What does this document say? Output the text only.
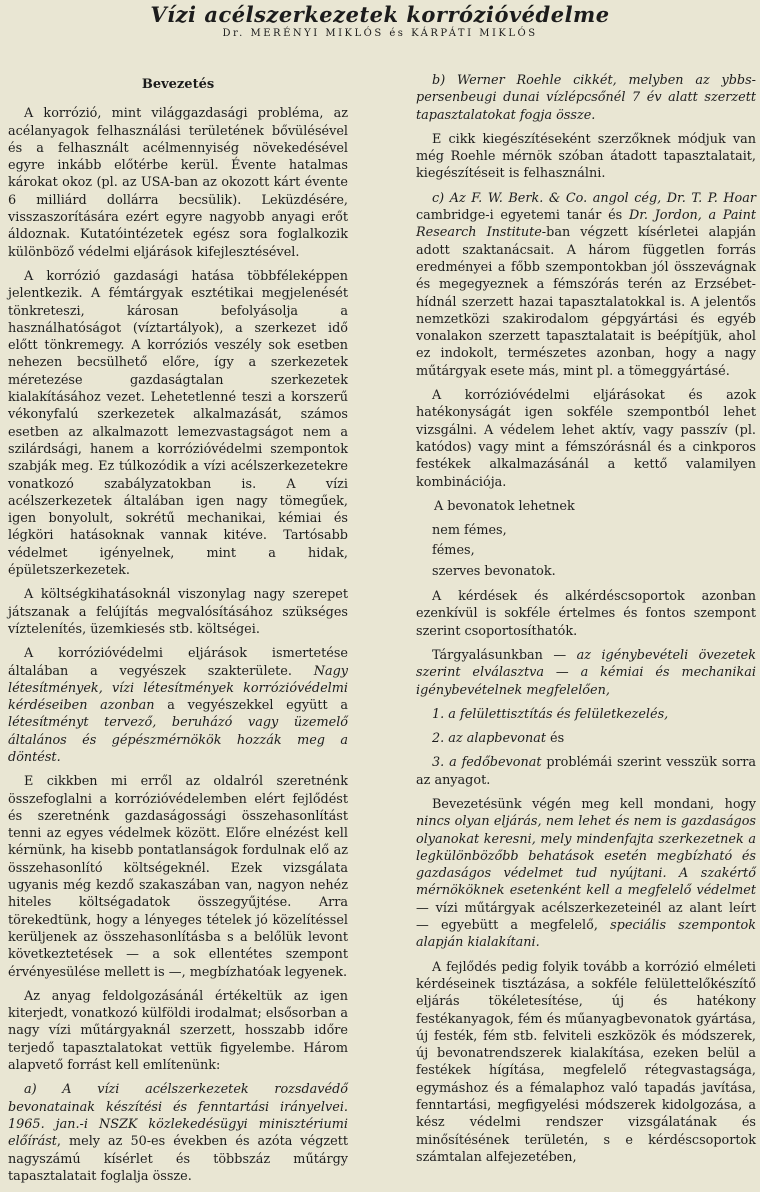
Vízi acélszerkezetek korrózióvédelme
Dr. MERÉNYI MIKLÓS és KÁRPÁTI MIKLÓS
Bevezetés

A korrózió, mint világgazdasági probléma, az acélanyagok felhasználási területének bővülésével és a felhasznált acélmennyiség növekedésével egyre inkább előtérbe kerül. Évente hatalmas károkat okoz (pl. az USA-ban az okozott kárt évente 6 milliárd dollárra becsülik). Leküzdésére, visszaszorítására ezért egyre nagyobb anyagi erőt áldoznak. Kutatóintézetek egész sora foglalkozik különböző védelmi eljárások kifejlesztésével.

A korrózió gazdasági hatása többféleképpen jelentkezik. A fémtárgyak esztétikai megjelenését tönkreteszi, károsan befolyásolja a használhatóságot (víztartályok), a szerkezet idő előtt tönkremegy. A korróziós veszély sok esetben nehezen becsülhető előre, így a szerkezetek méretezése gazdaságtalan szerkezetek kialakításához vezet. Lehetetlenné teszi a korszerű vékonyfalú szerkezetek alkalmazását, számos esetben az alkalmazott lemezvastagságot nem a szilárdsági, hanem a korrózióvédelmi szempontok szabják meg. Ez túlkozódik a vízi acélszerkezetekre vonatkozó szabályzatokban is. A vízi acélszerkezetek általában igen nagy tömegűek, igen bonyolult, sokrétű mechanikai, kémiai és légköri hatásoknak vannak kitéve. Tartósabb védelmet igényelnek, mint a hidak, épületszerkezetek.

A költségkihatásoknál viszonylag nagy szerepet játszanak a felújítás megvalósításához szükséges víztelenítés, üzemkiesés stb. költségei.

A korrózióvédelmi eljárások ismertetése általában a vegyészek szakterülete. Nagy létesítmények, vízi létesítmények korrózióvédelmi kérdéseiben azonban a vegyészekkel együtt a létesítményt tervező, beruházó vagy üzemelő általános és gépészmérnökök hozzák meg a döntést.

E cikkben mi erről az oldalról szeretnénk összefoglalni a korrózióvédelemben elért fejlődést és szeretnénk gazdaságossági összehasonlítást tenni az egyes védelmek között. Előre elnézést kell kérnünk, ha kisebb pontatlanságok fordulnak elő az összehasonlító költségeknél. Ezek vizsgálata ugyanis még kezdő szakaszában van, nagyon nehéz hiteles költségadatok összegyűjtése. Arra törekedtünk, hogy a lényeges tételek jó közelítéssel kerüljenek az összehasonlításba s a belőlük levont következtetések — a sok ellentétes szempont érvényesülése mellett is —, megbízhatóak legyenek.

Az anyag feldolgozásánál értékeltük az igen kiterjedt, vonatkozó külföldi irodalmat; elsősorban a nagy vízi műtárgyaknál szerzett, hosszabb időre terjedő tapasztalatokat vettük figyelembe. Három alapvető forrást kell említenünk:

a) A vízi acélszerkezetek rozsdavédő bevonatainak készítési és fenntartási irányelvei. 1965. jan.-i NSZK közlekedésügyi minisztériumi előírást, mely az 50-es években és azóta végzett nagyszámú kísérlet és többszáz műtárgy tapasztalatait foglalja össze.

b) Werner Roehle cikkét, melyben az ybbs-persenbeugi dunai vízlépcsőnél 7 év alatt szerzett tapasztalatokat fogja össze.

E cikk kiegészítéseként szerzőknek módjuk van még Roehle mérnök szóban átadott tapasztalatait, kiegészítéseit is felhasználni.

c) Az F. W. Berk. & Co. angol cég, Dr. T. P. Hoar cambridge-i egyetemi tanár és Dr. Jordon, a Paint Research Institute-ban végzett kísérletei alapján adott szaktanácsait. A három független forrás eredményei a főbb szempontokban jól összevágnak és megegyeznek a fémszórás terén az Erzsébet-hídnál szerzett hazai tapasztalatokkal is. A jelentős nemzetközi szakirodalom gépgyártási és egyéb vonalakon szerzett tapasztalatait is beépítjük, ahol ez indokolt, természetes azonban, hogy a nagy műtárgyak esete más, mint pl. a tömeggyártásé.

A korrózióvédelmi eljárásokat és azok hatékonyságát igen sokféle szempontból lehet vizsgálni. A védelem lehet aktív, vagy passzív (pl. katódos) vagy mint a fémszórásnál és a cinkporos festékek alkalmazásánál a kettő valamilyen kombinációja.

A bevonatok lehetnek

nem fémes,
fémes,
szerves bevonatok.

A kérdések és alkérdéscsoportok azonban ezenkívül is sokféle értelmes és fontos szempont szerint csoportosíthatók.

Tárgyalásunkban — az igénybevételi övezetek szerint elválasztva — a kémiai és mechanikai igénybevételnek megfelelően,

1. a felülettisztítás és felületkezelés,

2. az alapbevonat és

3. a fedőbevonat problémái szerint vesszük sorra az anyagot.

Bevezetésünk végén meg kell mondani, hogy nincs olyan eljárás, nem lehet és nem is gazdaságos olyanokat keresni, mely mindenfajta szerkezetnek a legkülönbözőbb behatások esetén megbízható és gazdaságos védelmet tud nyújtani. A szakértő mérnököknek esetenként kell a megfelelő védelmet — vízi műtárgyak acélszerkezeteinél az alant leírt — egyebütt a megfelelő, speciális szempontok alapján kialakítani.

A fejlődés pedig folyik tovább a korrózió elméleti kérdéseinek tisztázása, a sokféle felülettelőkészítő eljárás tökéletesítése, új és hatékony festékanyagok, fém és műanyagbevonatok gyártása, új festék, fém stb. felviteli eszközök és módszerek, új bevonatrendszerek kialakítása, ezeken belül a festékek hígítása, megfelelő rétegvastagsága, egymáshoz és a fémalaphoz való tapadás javítása, fenntartási, megfigyelési módszerek kidolgozása, a kész védelmi rendszer vizsgálatának és minősítésének területén, s e kérdéscsoportok számtalan alfejezetében,
